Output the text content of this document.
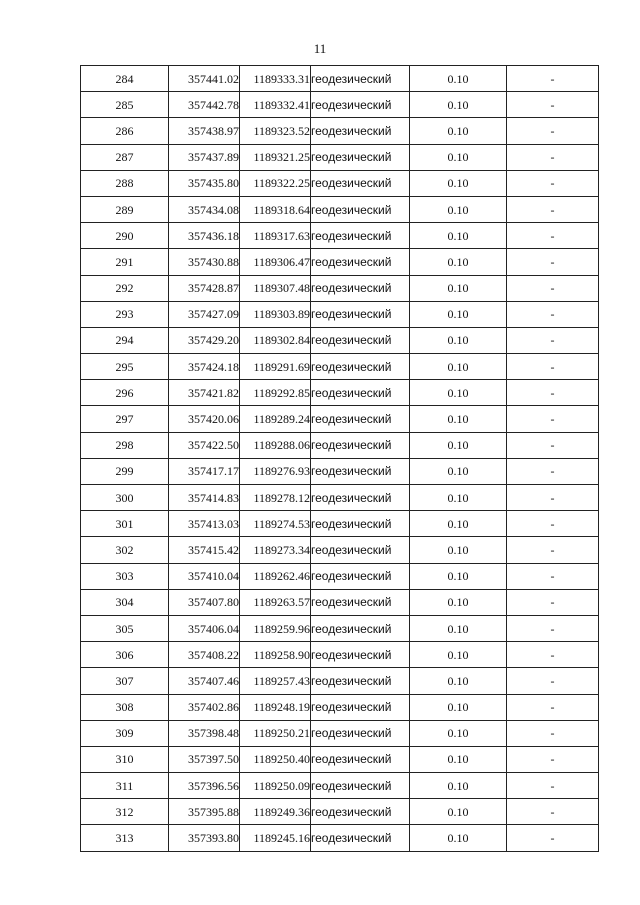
11
284	357441.02	1189333.31	геодезический	0.10	-
285	357442.78	1189332.41	геодезический	0.10	-
286	357438.97	1189323.52	геодезический	0.10	-
287	357437.89	1189321.25	геодезический	0.10	-
288	357435.80	1189322.25	геодезический	0.10	-
289	357434.08	1189318.64	геодезический	0.10	-
290	357436.18	1189317.63	геодезический	0.10	-
291	357430.88	1189306.47	геодезический	0.10	-
292	357428.87	1189307.48	геодезический	0.10	-
293	357427.09	1189303.89	геодезический	0.10	-
294	357429.20	1189302.84	геодезический	0.10	-
295	357424.18	1189291.69	геодезический	0.10	-
296	357421.82	1189292.85	геодезический	0.10	-
297	357420.06	1189289.24	геодезический	0.10	-
298	357422.50	1189288.06	геодезический	0.10	-
299	357417.17	1189276.93	геодезический	0.10	-
300	357414.83	1189278.12	геодезический	0.10	-
301	357413.03	1189274.53	геодезический	0.10	-
302	357415.42	1189273.34	геодезический	0.10	-
303	357410.04	1189262.46	геодезический	0.10	-
304	357407.80	1189263.57	геодезический	0.10	-
305	357406.04	1189259.96	геодезический	0.10	-
306	357408.22	1189258.90	геодезический	0.10	-
307	357407.46	1189257.43	геодезический	0.10	-
308	357402.86	1189248.19	геодезический	0.10	-
309	357398.48	1189250.21	геодезический	0.10	-
310	357397.50	1189250.40	геодезический	0.10	-
311	357396.56	1189250.09	геодезический	0.10	-
312	357395.88	1189249.36	геодезический	0.10	-
313	357393.80	1189245.16	геодезический	0.10	-
